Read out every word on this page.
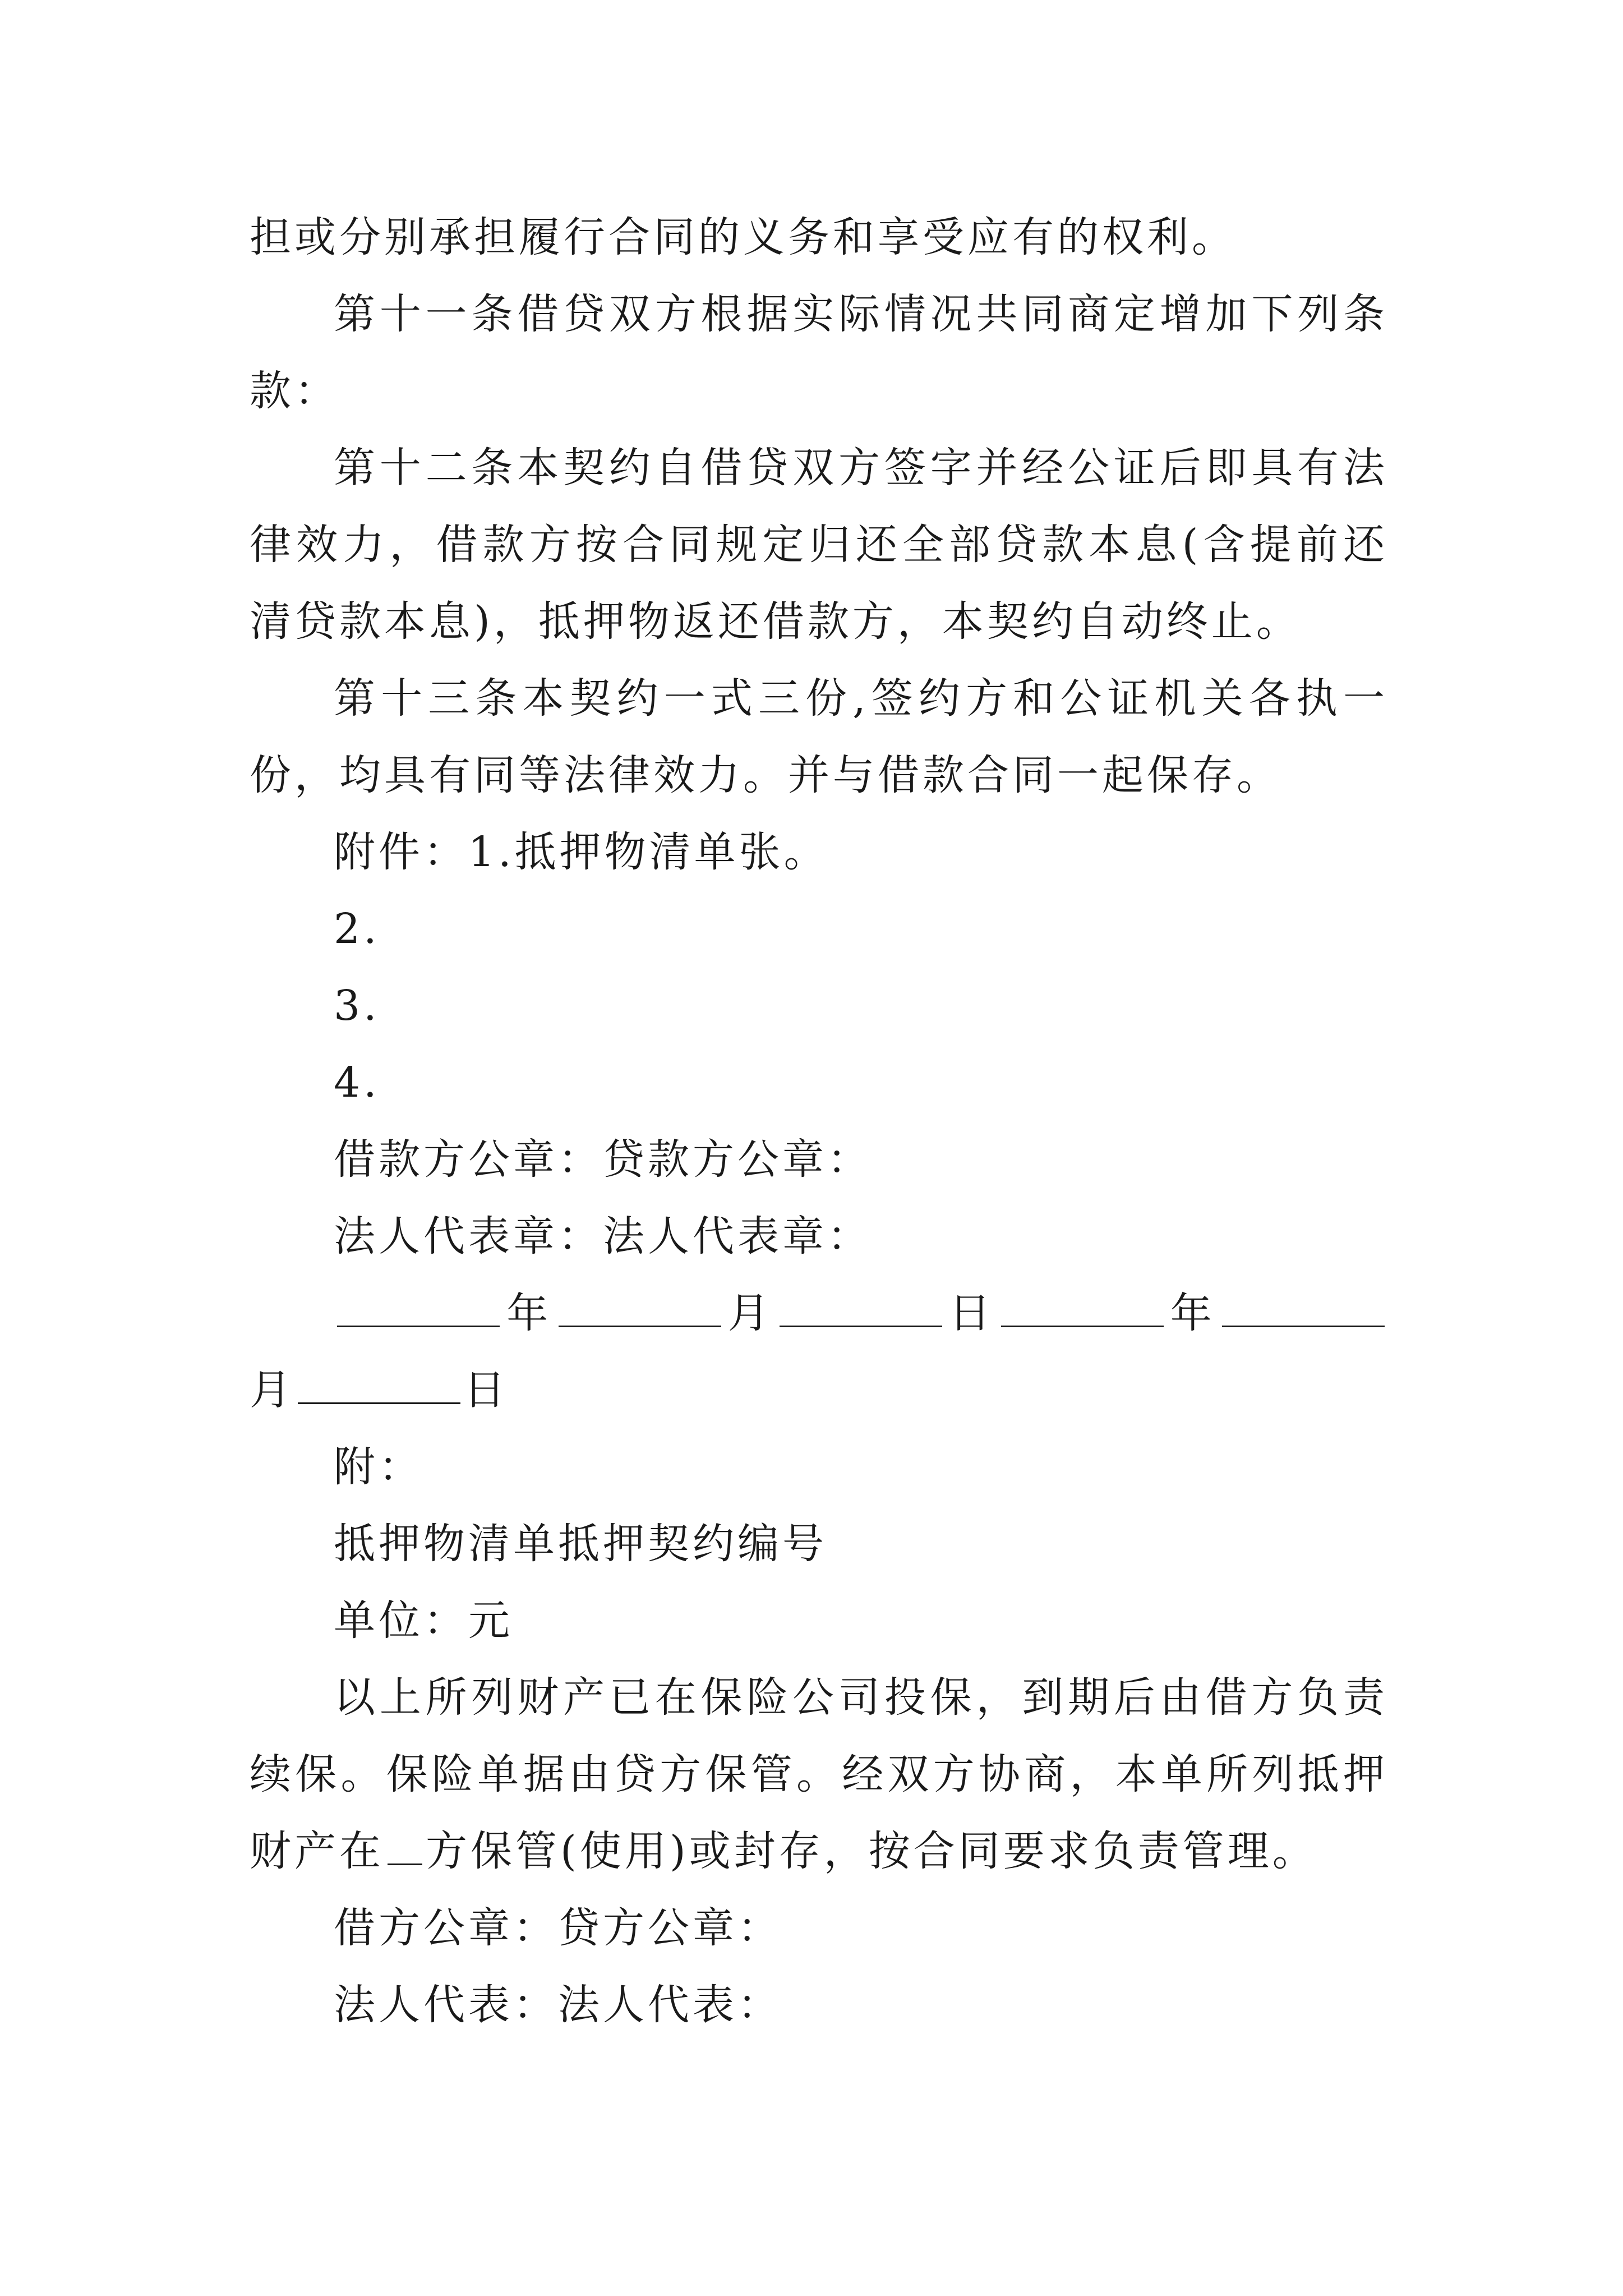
担或分别承担履行合同的义务和享受应有的权利。

第十一条借贷双方根据实际情况共同商定增加下列条款：

第十二条本契约自借贷双方签字并经公证后即具有法律效力，借款方按合同规定归还全部贷款本息(含提前还清贷款本息)，抵押物返还借款方，本契约自动终止。

第十三条本契约一式三份,签约方和公证机关各执一份，均具有同等法律效力。并与借款合同一起保存。

附件：1.抵押物清单张。

2.

3.

4.

借款方公章：贷款方公章：

法人代表章：法人代表章：

年	月	日	年月	日

附：

抵押物清单抵押契约编号

单位：元

以上所列财产已在保险公司投保，到期后由借方负责续保。保险单据由贷方保管。经双方协商，本单所列抵押财产在 方保管(使用)或封存，按合同要求负责管理。

借方公章：贷方公章：

法人代表：法人代表：
